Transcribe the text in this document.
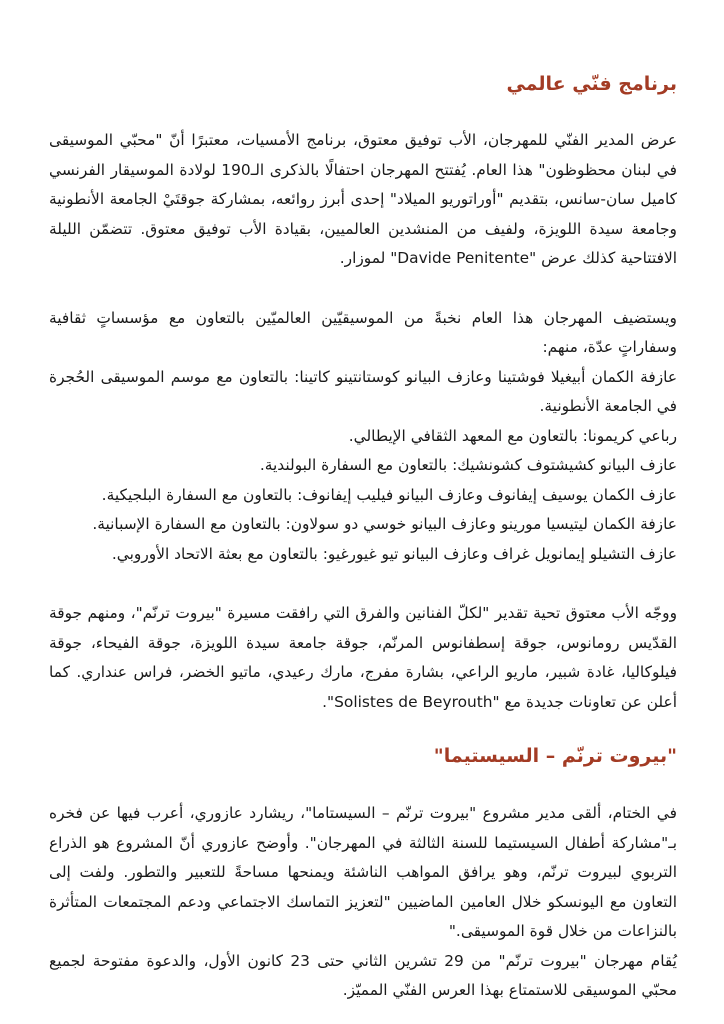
برنامج فنّي عالمي

عرض المدير الفنّي للمهرجان، الأب توفيق معتوق، برنامج الأمسيات، معتبرًا أنّ "محبّي الموسيقى في لبنان محظوظون" هذا العام. يُفتتح المهرجان احتفالًا بالذكرى الـ190 لولادة الموسيقار الفرنسي كاميل سان-سانس، بتقديم "أوراتوريو الميلاد" إحدى أبرز روائعه، بمشاركة جوقتَيْ الجامعة الأنطونية وجامعة سيدة اللويزة، ولفيف من المنشدين العالميين، بقيادة الأب توفيق معتوق. تتضمّن الليلة الافتتاحية كذلك عرض "Davide Penitente" لموزار.

ويستضيف المهرجان هذا العام نخبةً من الموسيقيّين العالميّين بالتعاون مع مؤسساتٍ ثقافية وسفاراتٍ عدّة، منهم:

عازفة الكمان أبيغيلا فوشتينا وعازف البيانو كوستانتينو كاتينا: بالتعاون مع موسم الموسيقى الحُجرة في الجامعة الأنطونية.

رباعي كريمونا: بالتعاون مع المعهد الثقافي الإيطالي.

عازف البيانو كشيشتوف كشونشيك: بالتعاون مع السفارة البولندية.

عازف الكمان يوسيف إيفانوف وعازف البيانو فيليب إيفانوف: بالتعاون مع السفارة البلجيكية.

عازفة الكمان ليتيسيا مورينو وعازف البيانو خوسي دو سولاون: بالتعاون مع السفارة الإسبانية.

عازف التشيلو إيمانويل غراف وعازف البيانو تيو غيورغيو: بالتعاون مع بعثة الاتحاد الأوروبي.

ووجّه الأب معتوق تحية تقدير "لكلّ الفنانين والفرق التي رافقت مسيرة "بيروت ترنّم"، ومنهم جوقة القدّيس رومانوس، جوقة إسطفانوس المرنّم، جوقة جامعة سيدة اللويزة، جوقة الفيحاء، جوقة فيلوكاليا، غادة شبير، ماريو الراعي، بشارة مفرج، مارك رعيدي، ماتيو الخضر، فراس عنداري. كما أعلن عن تعاونات جديدة مع "Solistes de Beyrouth".

"بيروت ترنّم – السيستيما"

في الختام، ألقى مدير مشروع "بيروت ترنّم – السيستاما"، ريشارد عازوري، أعرب فيها عن فخره بـ"مشاركة أطفال السيستيما للسنة الثالثة في المهرجان". وأوضح عازوري أنّ المشروع هو الذراع التربوي لبيروت ترنّم، وهو يرافق المواهب الناشئة ويمنحها مساحةً للتعبير والتطور. ولفت إلى التعاون مع اليونسكو خلال العامين الماضيين "لتعزيز التماسك الاجتماعي ودعم المجتمعات المتأثرة بالنزاعات من خلال قوة الموسيقى."

يُقام مهرجان "بيروت ترنّم" من 29 تشرين الثاني حتى 23 كانون الأول، والدعوة مفتوحة لجميع محبّي الموسيقى للاستمتاع بهذا العرس الفنّي المميّز.
